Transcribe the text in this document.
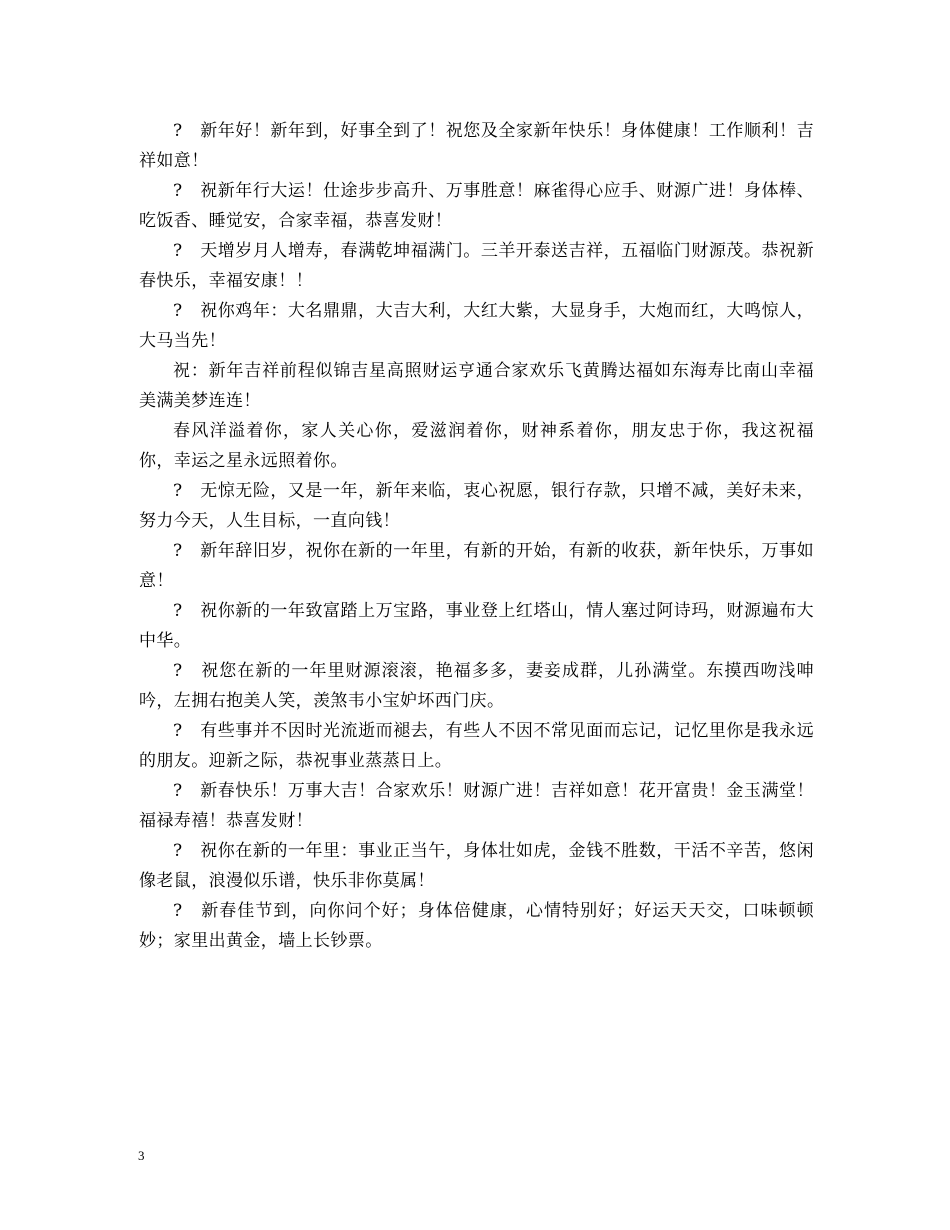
?　新年好！新年到，好事全到了！祝您及全家新年快乐！身体健康！工作顺利！吉祥如意！

?　祝新年行大运！仕途步步高升、万事胜意！麻雀得心应手、财源广进！身体棒、吃饭香、睡觉安，合家幸福，恭喜发财！

?　天增岁月人增寿，春满乾坤福满门。三羊开泰送吉祥，五福临门财源茂。恭祝新春快乐，幸福安康！！

?　祝你鸡年：大名鼎鼎，大吉大利，大红大紫，大显身手，大炮而红，大鸣惊人，大马当先！

祝：新年吉祥前程似锦吉星高照财运亨通合家欢乐飞黄腾达福如东海寿比南山幸福美满美梦连连！

春风洋溢着你，家人关心你，爱滋润着你，财神系着你，朋友忠于你，我这祝福你，幸运之星永远照着你。

?　无惊无险，又是一年，新年来临，衷心祝愿，银行存款，只增不减，美好未来，努力今天，人生目标，一直向钱！

?　新年辞旧岁，祝你在新的一年里，有新的开始，有新的收获，新年快乐，万事如意！

?　祝你新的一年致富踏上万宝路，事业登上红塔山，情人塞过阿诗玛，财源遍布大中华。

?　祝您在新的一年里财源滚滚，艳福多多，妻妾成群，儿孙满堂。东摸西吻浅呻吟，左拥右抱美人笑，羡煞韦小宝妒坏西门庆。

?　有些事并不因时光流逝而褪去，有些人不因不常见面而忘记，记忆里你是我永远的朋友。迎新之际，恭祝事业蒸蒸日上。

?　新春快乐！万事大吉！合家欢乐！财源广进！吉祥如意！花开富贵！金玉满堂！福禄寿禧！恭喜发财！

?　祝你在新的一年里：事业正当午，身体壮如虎，金钱不胜数，干活不辛苦，悠闲像老鼠，浪漫似乐谱，快乐非你莫属！

?　新春佳节到，向你问个好；身体倍健康，心情特别好；好运天天交，口味顿顿妙；家里出黄金，墙上长钞票。

3
